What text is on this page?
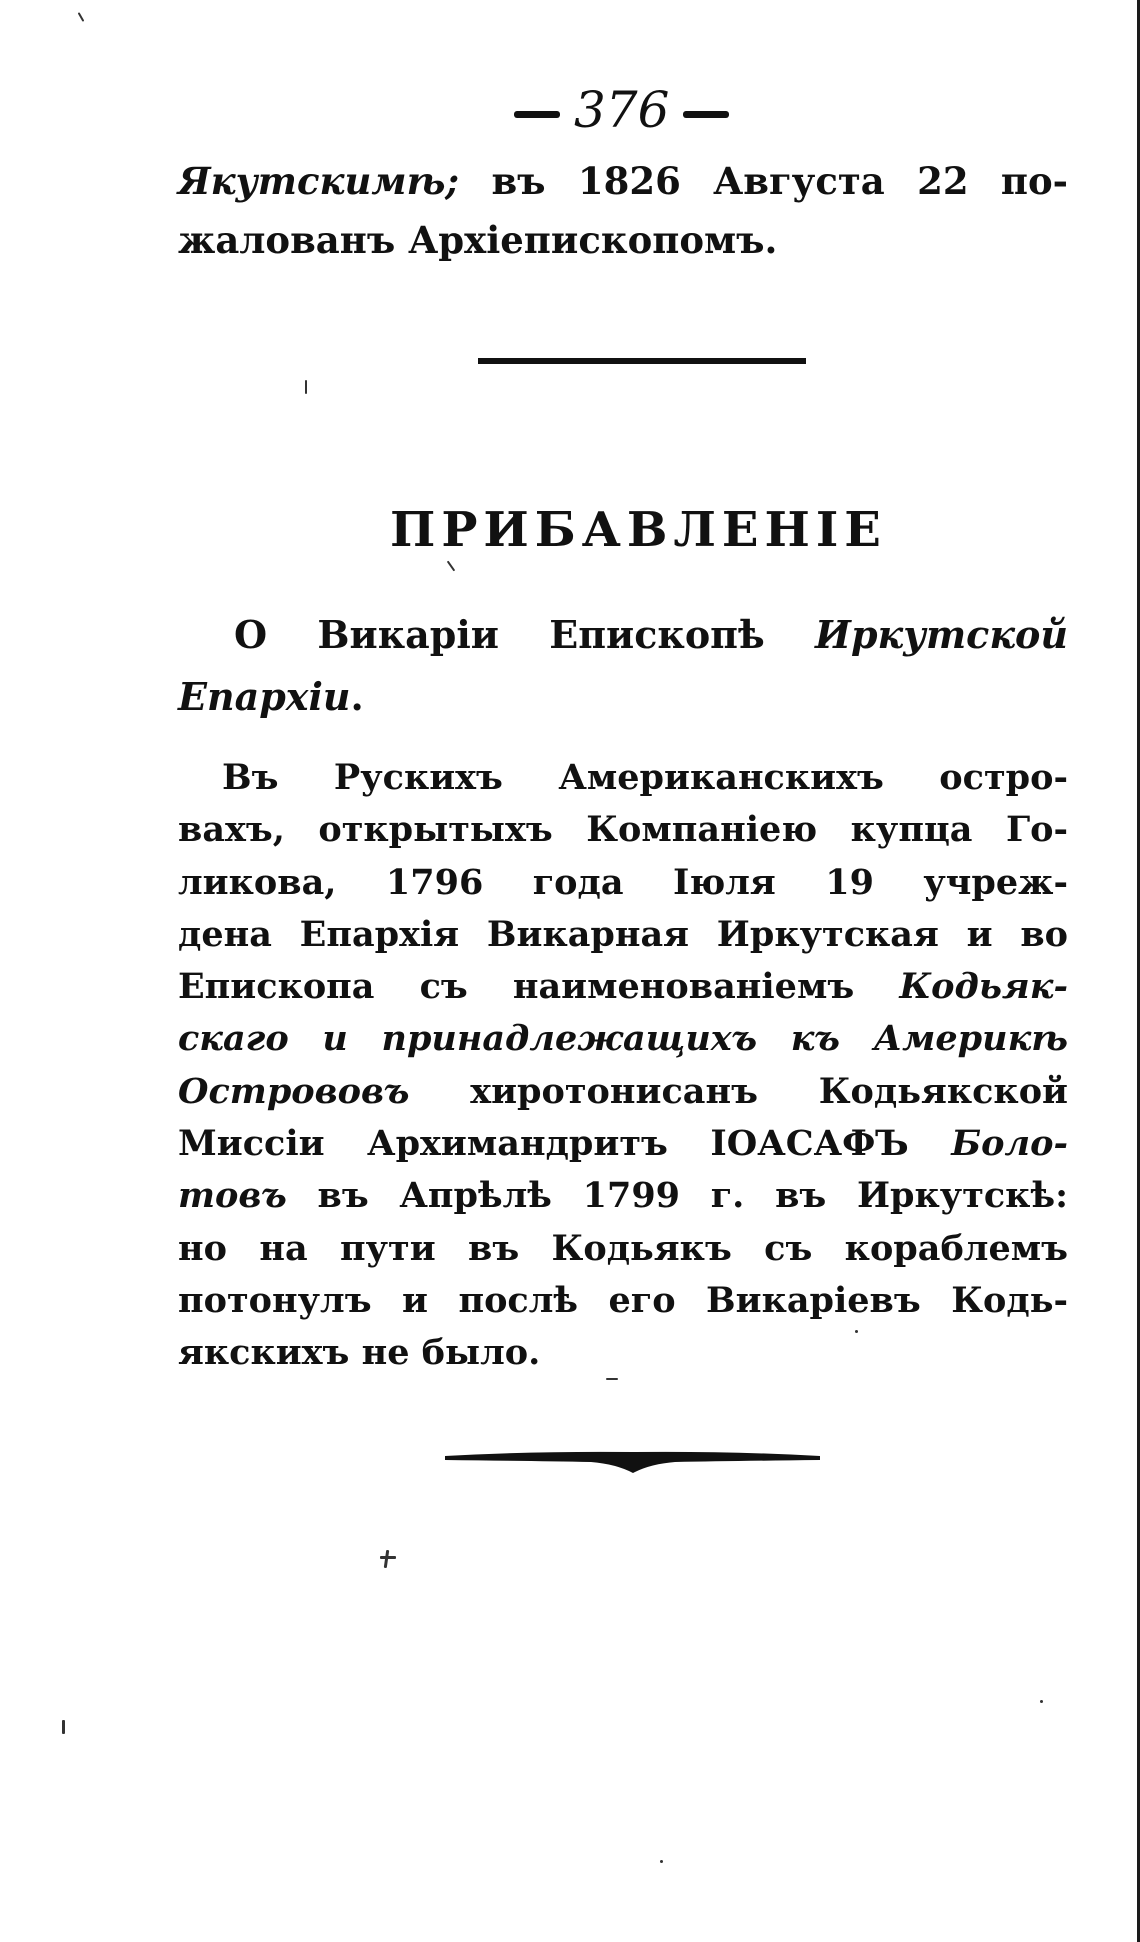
376
Якутскимѣ; въ 1826 Августа 22 по-
жалованъ Архіепископомъ.
ПРИБАВЛЕНІЕ
О Викаріи Епископѣ Иркутской
Епархіи.
Въ Рускихъ Американскихъ остро-
вахъ, открытыхъ Компаніею купца Го-
ликова, 1796 года Іюля 19 учреж-
дена Епархія Викарная Иркутская и во
Епископа съ наименованіемъ Кодьяк-
скаго и принадлежащихъ къ Америкѣ
Острововъ хиротонисанъ Кодьякской
Миссіи Архимандритъ ІОАСАФЪ Боло-
товъ въ Апрѣлѣ 1799 г. въ Иркутскѣ:
но на пути въ Кодьякъ съ кораблемъ
потонулъ и послѣ его Викаріевъ Кодь-
якскихъ не было.
